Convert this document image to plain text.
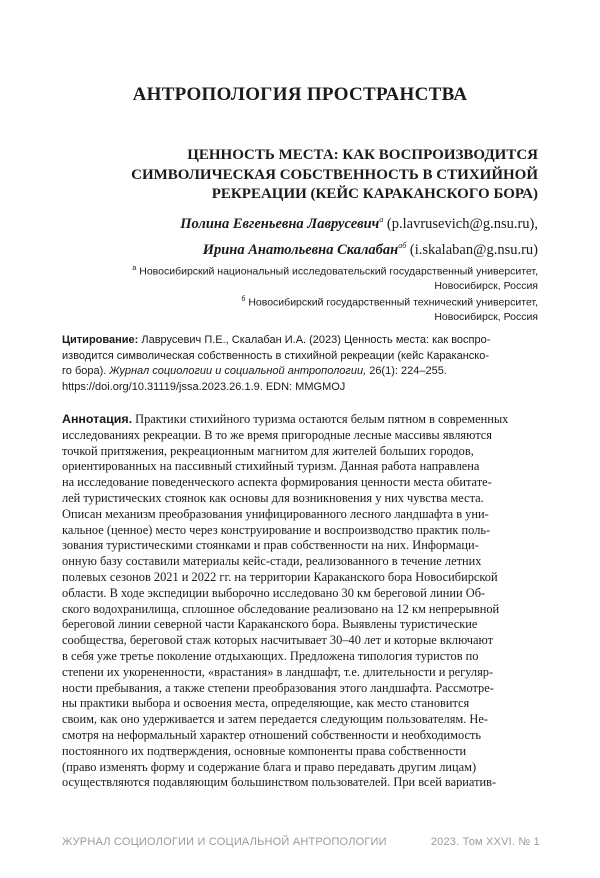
АНТРОПОЛОГИЯ ПРОСТРАНСТВА
ЦЕННОСТЬ МЕСТА: КАК ВОСПРОИЗВОДИТСЯ
СИМВОЛИЧЕСКАЯ СОБСТВЕННОСТЬ В СТИХИЙНОЙ
РЕКРЕАЦИИ (КЕЙС КАРАКАНСКОГО БОРА)
Полина Евгеньевна Лаврусевич$^a$ (p.lavrusevich@g.nsu.ru),
Ирина Анатольевна Скалабан$^{аб}$ (i.skalaban@g.nsu.ru)
$^а$ Новосибирский национальный исследовательский государственный университет,
Новосибирск, Россия
$^б$ Новосибирский государственный технический университет,
Новосибирск, Россия
Цитирование: Лаврусевич П.Е., Скалабан И.А. (2023) Ценность места: как воспро-
изводится символическая собственность в стихийной рекреации (кейс Караканско-
го бора). Журнал социологии и социальной антропологии, 26(1): 224–255.
https://doi.org/10.31119/jssa.2023.26.1.9. EDN: MMGMOJ
Аннотация. Практики стихийного туризма остаются белым пятном в современных
исследованиях рекреации. В то же время пригородные лесные массивы являются
точкой притяжения, рекреационным магнитом для жителей больших городов,
ориентированных на пассивный стихийный туризм. Данная работа направлена
на исследование поведенческого аспекта формирования ценности места обитате-
лей туристических стоянок как основы для возникновения у них чувства места.
Описан механизм преобразования унифицированного лесного ландшафта в уни-
кальное (ценное) место через конструирование и воспроизводство практик поль-
зования туристическими стоянками и прав собственности на них. Информаци-
онную базу составили материалы кейс-стади, реализованного в течение летних
полевых сезонов 2021 и 2022 гг. на территории Караканского бора Новосибирской
области. В ходе экспедиции выборочно исследовано 30 км береговой линии Об-
ского водохранилища, сплошное обследование реализовано на 12 км непрерывной
береговой линии северной части Караканского бора. Выявлены туристические
сообщества, береговой стаж которых насчитывает 30–40 лет и которые включают
в себя уже третье поколение отдыхающих. Предложена типология туристов по
степени их укорененности, «врастания» в ландшафт, т.е. длительности и регуляр-
ности пребывания, а также степени преобразования этого ландшафта. Рассмотре-
ны практики выбора и освоения места, определяющие, как место становится
своим, как оно удерживается и затем передается следующим пользователям. Не-
смотря на неформальный характер отношений собственности и необходимость
постоянного их подтверждения, основные компоненты права собственности
(право изменять форму и содержание блага и право передавать другим лицам)
осуществляются подавляющим большинством пользователей. При всей вариатив-
ЖУРНАЛ СОЦИОЛОГИИ И СОЦИАЛЬНОЙ АНТРОПОЛОГИИ	2023. Том XXVI. № 1
